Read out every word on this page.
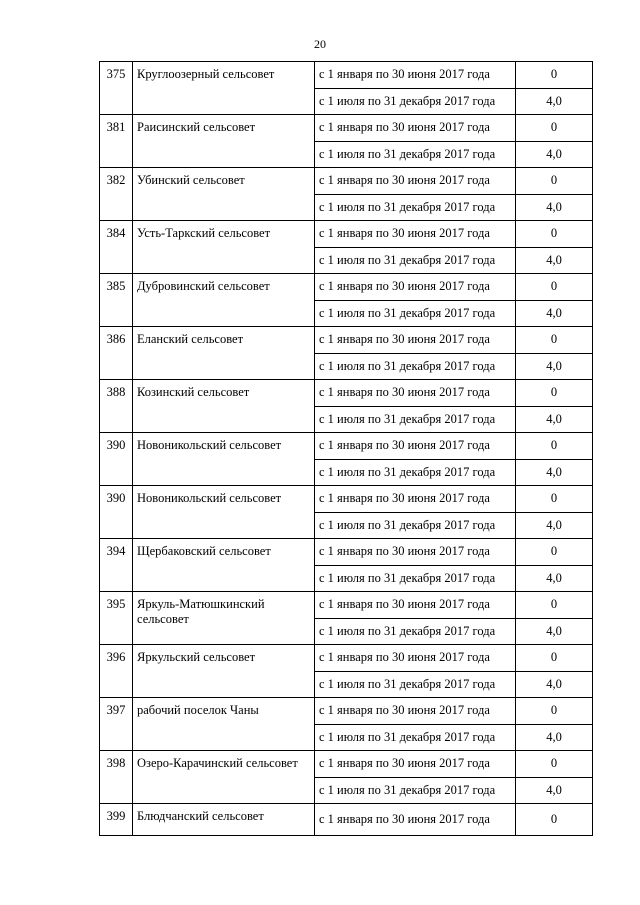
20
375	Круглоозерный сельсовет	с 1 января по 30 июня 2017 года	0
		с 1 июля по 31 декабря 2017 года	4,0
381	Раисинский сельсовет	с 1 января по 30 июня 2017 года	0
		с 1 июля по 31 декабря 2017 года	4,0
382	Убинский сельсовет	с 1 января по 30 июня 2017 года	0
		с 1 июля по 31 декабря 2017 года	4,0
384	Усть-Таркский сельсовет	с 1 января по 30 июня 2017 года	0
		с 1 июля по 31 декабря 2017 года	4,0
385	Дубровинский сельсовет	с 1 января по 30 июня 2017 года	0
		с 1 июля по 31 декабря 2017 года	4,0
386	Еланский сельсовет	с 1 января по 30 июня 2017 года	0
		с 1 июля по 31 декабря 2017 года	4,0
388	Козинский сельсовет	с 1 января по 30 июня 2017 года	0
		с 1 июля по 31 декабря 2017 года	4,0
390	Новоникольский сельсовет	с 1 января по 30 июня 2017 года	0
		с 1 июля по 31 декабря 2017 года	4,0
390	Новоникольский сельсовет	с 1 января по 30 июня 2017 года	0
		с 1 июля по 31 декабря 2017 года	4,0
394	Щербаковский сельсовет	с 1 января по 30 июня 2017 года	0
		с 1 июля по 31 декабря 2017 года	4,0
395	Яркуль-Матюшкинский сельсовет	с 1 января по 30 июня 2017 года	0
		с 1 июля по 31 декабря 2017 года	4,0
396	Яркульский сельсовет	с 1 января по 30 июня 2017 года	0
		с 1 июля по 31 декабря 2017 года	4,0
397	рабочий поселок Чаны	с 1 января по 30 июня 2017 года	0
		с 1 июля по 31 декабря 2017 года	4,0
398	Озеро-Карачинский сельсовет	с 1 января по 30 июня 2017 года	0
		с 1 июля по 31 декабря 2017 года	4,0
399	Блюдчанский сельсовет	с 1 января по 30 июня 2017 года	0
